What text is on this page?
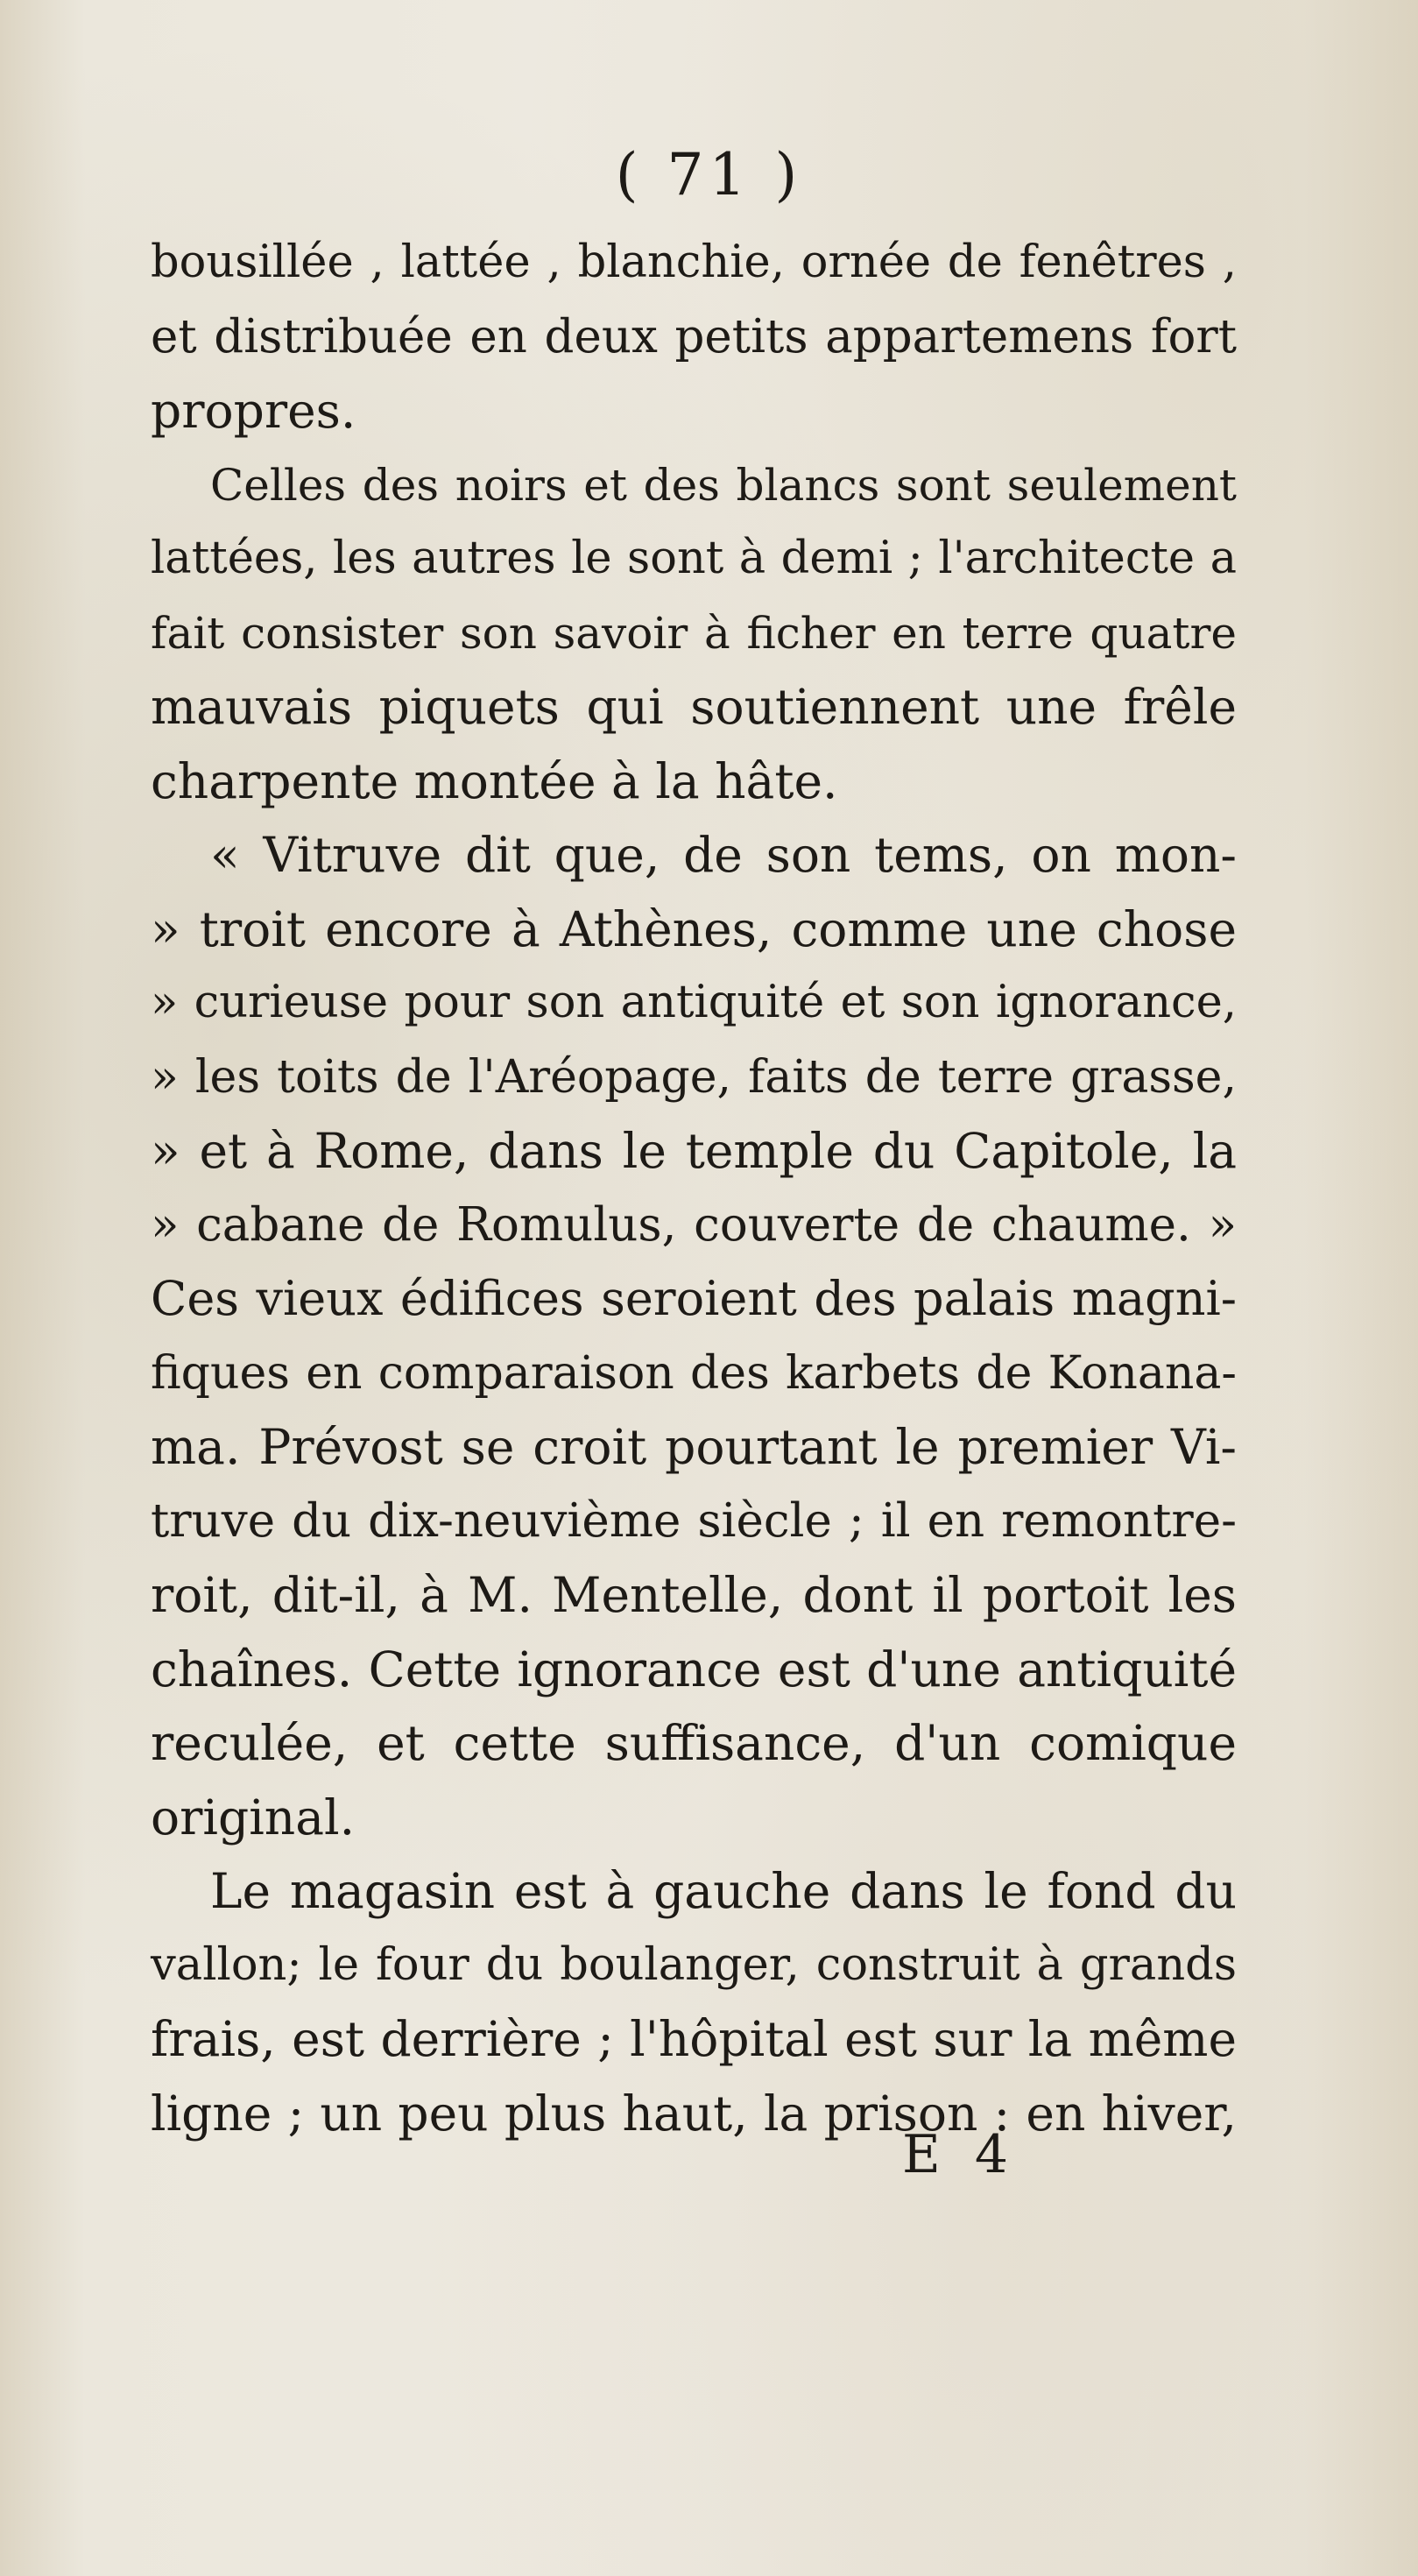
( 71 )
bousillée , lattée , blanchie, ornée de fenêtres ,
et distribuée en deux petits appartemens fort
propres.
Celles des noirs et des blancs sont seulement
lattées, les autres le sont à demi ; l'architecte a
fait consister son savoir à ficher en terre quatre
mauvais piquets qui soutiennent une frêle
charpente montée à la hâte.
« Vitruve dit que, de son tems, on mon-
» troit encore à Athènes, comme une chose
» curieuse pour son antiquité et son ignorance,
» les toits de l'Aréopage, faits de terre grasse,
» et à Rome, dans le temple du Capitole, la
» cabane de Romulus, couverte de chaume. »
Ces vieux édifices seroient des palais magni-
fiques en comparaison des karbets de Konana-
ma. Prévost se croit pourtant le premier Vi-
truve du dix-neuvième siècle ; il en remontre-
roit, dit-il, à M. Mentelle, dont il portoit les
chaînes. Cette ignorance est d'une antiquité
reculée, et cette suffisance, d'un comique
original.
Le magasin est à gauche dans le fond du
vallon; le four du boulanger, construit à grands
frais, est derrière ; l'hôpital est sur la même
ligne ; un peu plus haut, la prison : en hiver,
E 4
